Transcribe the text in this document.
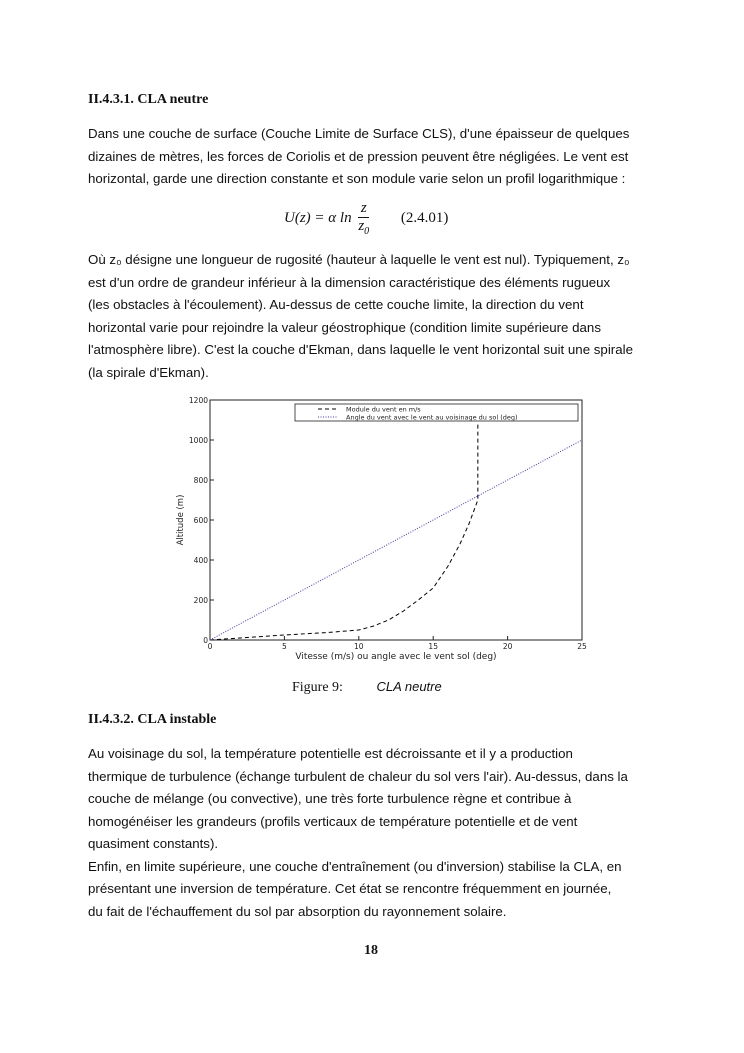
II.4.3.1. CLA neutre
Dans une couche de surface (Couche Limite de Surface CLS), d'une épaisseur de quelques
dizaines de mètres, les forces de Coriolis et de pression peuvent être négligées. Le vent est
horizontal, garde une direction constante et son module varie selon un profil logarithmique :
U(z) = α $\ln \frac{z}{z_0} (2.4.01)$
Où z₀ désigne une longueur de rugosité (hauteur à laquelle le vent est nul). Typiquement, z₀
est d'un ordre de grandeur inférieur à la dimension caractéristique des éléments rugueux
(les obstacles à l'écoulement). Au-dessus de cette couche limite, la direction du vent
horizontal varie pour rejoindre la valeur géostrophique (condition limite supérieure dans
l'atmosphère libre). C'est la couche d'Ekman, dans laquelle le vent horizontal suit une spirale
(la spirale d'Ekman).
0	5	10	15	20	25
0
200
400
600
800
1000
1200
Vitesse (m/s) ou angle avec le vent sol (deg)
Altitude (m)
Module du vent en m/s
Angle du vent avec le vent au voisinage du sol (deg)
Figure 9:	CLA neutre
II.4.3.2. CLA instable
Au voisinage du sol, la température potentielle est décroissante et il y a production
thermique de turbulence (échange turbulent de chaleur du sol vers l'air). Au-dessus, dans la
couche de mélange (ou convective), une très forte turbulence règne et contribue à
homogénéiser les grandeurs (profils verticaux de température potentielle et de vent
quasiment constants).
Enfin, en limite supérieure, une couche d'entraînement (ou d'inversion) stabilise la CLA, en
présentant une inversion de température. Cet état se rencontre fréquemment en journée,
du fait de l'échauffement du sol par absorption du rayonnement solaire.
18
